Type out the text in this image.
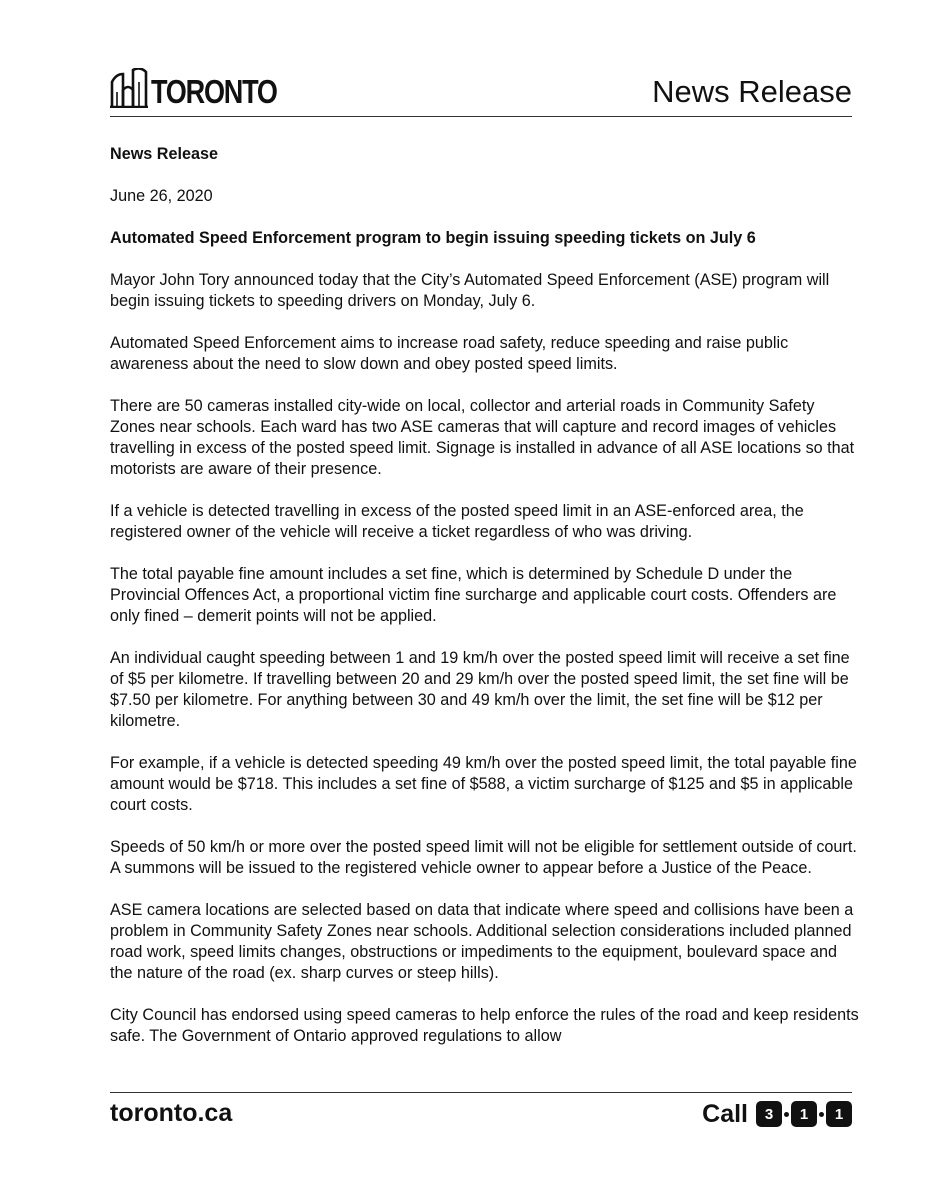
TORONTO	News Release

News Release

June 26, 2020

Automated Speed Enforcement program to begin issuing speeding tickets on July 6

Mayor John Tory announced today that the City’s Automated Speed Enforcement (ASE) program will begin issuing tickets to speeding drivers on Monday, July 6.

Automated Speed Enforcement aims to increase road safety, reduce speeding and raise public awareness about the need to slow down and obey posted speed limits.

There are 50 cameras installed city-wide on local, collector and arterial roads in Community Safety Zones near schools. Each ward has two ASE cameras that will capture and record images of vehicles travelling in excess of the posted speed limit. Signage is installed in advance of all ASE locations so that motorists are aware of their presence.

If a vehicle is detected travelling in excess of the posted speed limit in an ASE-enforced area, the registered owner of the vehicle will receive a ticket regardless of who was driving.

The total payable fine amount includes a set fine, which is determined by Schedule D under the Provincial Offences Act, a proportional victim fine surcharge and applicable court costs. Offenders are only fined – demerit points will not be applied.

An individual caught speeding between 1 and 19 km/h over the posted speed limit will receive a set fine of $5 per kilometre. If travelling between 20 and 29 km/h over the posted speed limit, the set fine will be $7.50 per kilometre. For anything between 30 and 49 km/h over the limit, the set fine will be $12 per kilometre.

For example, if a vehicle is detected speeding 49 km/h over the posted speed limit, the total payable fine amount would be $718. This includes a set fine of $588, a victim surcharge of $125 and $5 in applicable court costs.

Speeds of 50 km/h or more over the posted speed limit will not be eligible for settlement outside of court. A summons will be issued to the registered vehicle owner to appear before a Justice of the Peace.

ASE camera locations are selected based on data that indicate where speed and collisions have been a problem in Community Safety Zones near schools. Additional selection considerations included planned road work, speed limits changes, obstructions or impediments to the equipment, boulevard space and the nature of the road (ex. sharp curves or steep hills).

City Council has endorsed using speed cameras to help enforce the rules of the road and keep residents safe. The Government of Ontario approved regulations to allow

toronto.ca	Call	3	1	1
